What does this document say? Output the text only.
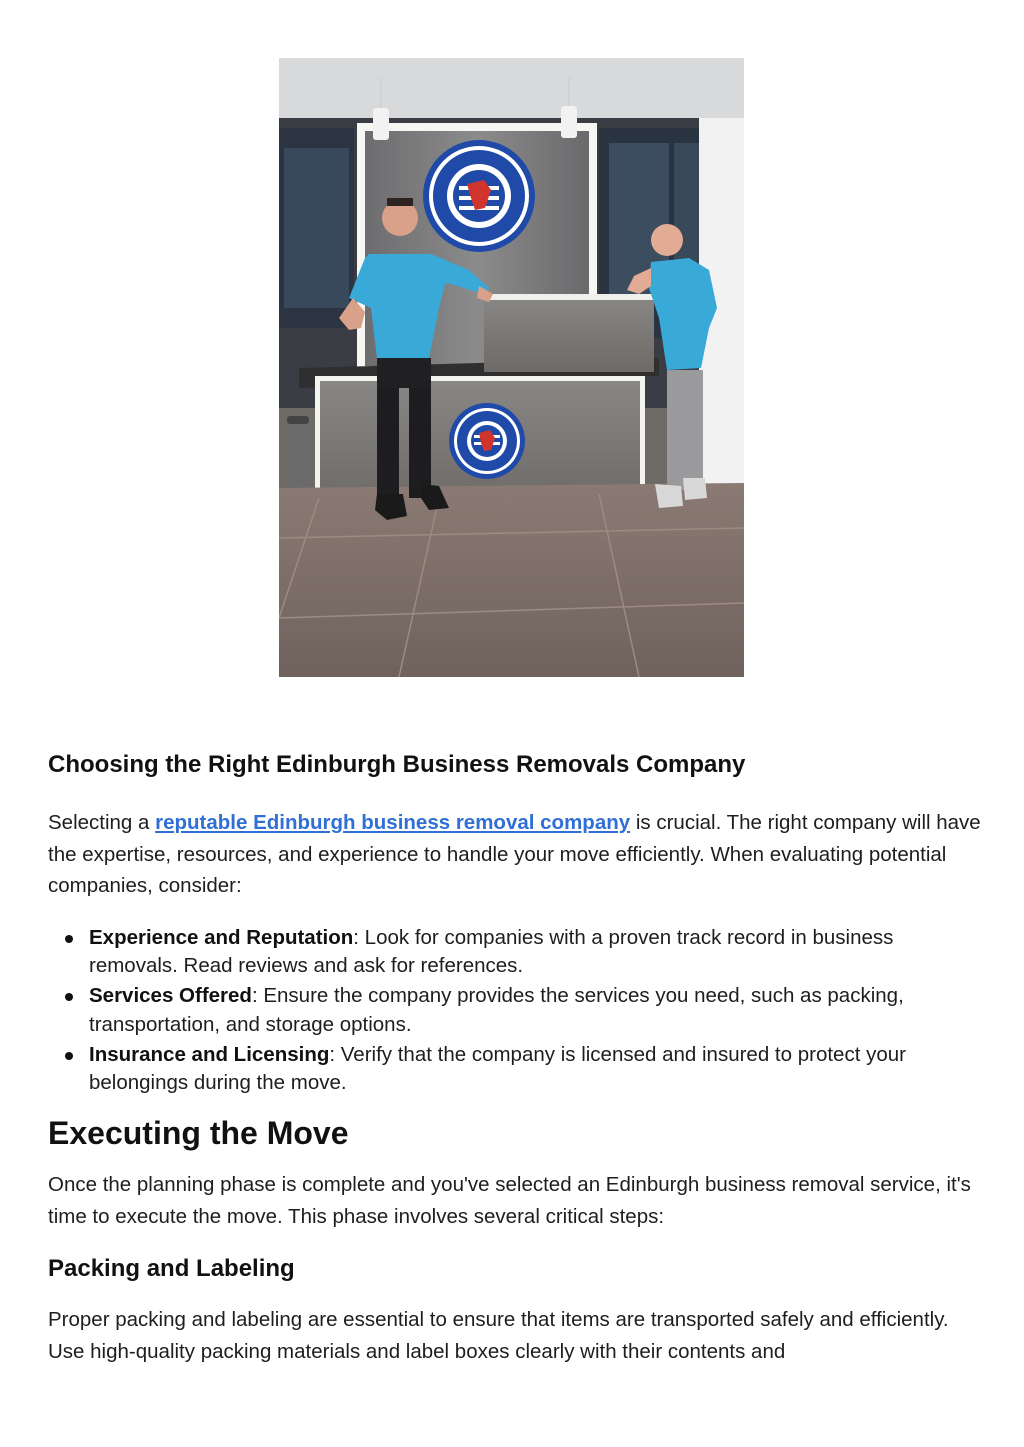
Choosing the Right Edinburgh Business Removals Company

Selecting a reputable Edinburgh business removal company is crucial. The right company will have the expertise, resources, and experience to handle your move efficiently. When evaluating potential companies, consider:

Experience and Reputation: Look for companies with a proven track record in business removals. Read reviews and ask for references.
Services Offered: Ensure the company provides the services you need, such as packing, transportation, and storage options.
Insurance and Licensing: Verify that the company is licensed and insured to protect your belongings during the move.
Executing the Move

Once the planning phase is complete and you've selected an Edinburgh business removal service, it's time to execute the move. This phase involves several critical steps:

Packing and Labeling

Proper packing and labeling are essential to ensure that items are transported safely and efficiently. Use high-quality packing materials and label boxes clearly with their contents and
